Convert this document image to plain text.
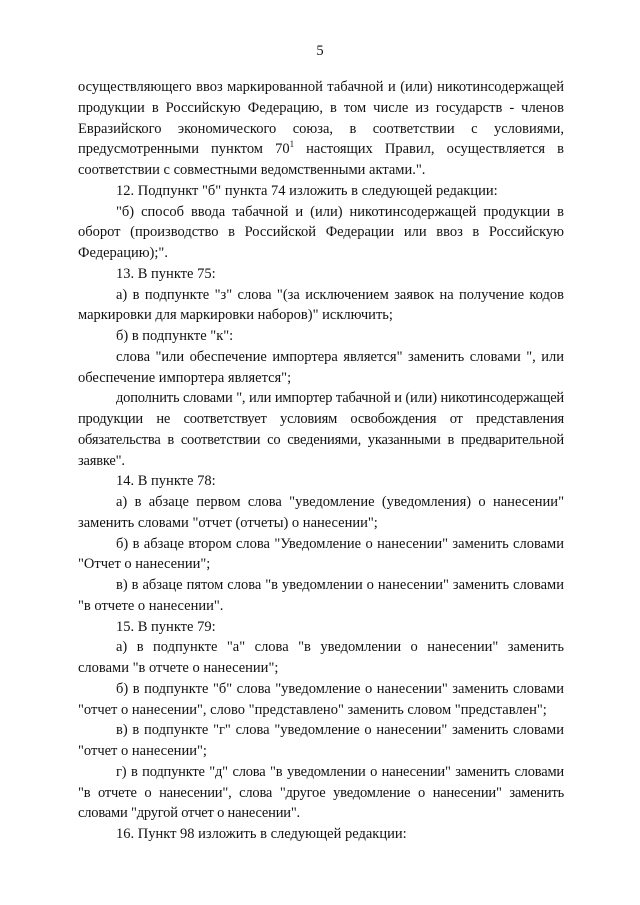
5

осуществляющего ввоз маркированной табачной и (или) никотинсодержащей продукции в Российскую Федерацию, в том числе из государств - членов Евразийского экономического союза, в соответствии с условиями, предусмотренными пунктом $70^1$ настоящих Правил, осуществляется в соответствии с совместными ведомственными актами.".

12. Подпункт "б" пункта 74 изложить в следующей редакции:

"б) способ ввода табачной и (или) никотинсодержащей продукции в оборот (производство в Российской Федерации или ввоз в Российскую Федерацию);".

13. В пункте 75:

а) в подпункте "з" слова "(за исключением заявок на получение кодов маркировки для маркировки наборов)" исключить;

б) в подпункте "к":

слова "или обеспечение импортера является" заменить словами ", или обеспечение импортера является";

дополнить словами ", или импортер табачной и (или) никотинсодержащей продукции не соответствует условиям освобождения от представления обязательства в соответствии со сведениями, указанными в предварительной заявке".

14. В пункте 78:

а) в абзаце первом слова "уведомление (уведомления) о нанесении" заменить словами "отчет (отчеты) о нанесении";

б) в абзаце втором слова "Уведомление о нанесении" заменить словами "Отчет о нанесении";

в) в абзаце пятом слова "в уведомлении о нанесении" заменить словами "в отчете о нанесении".

15. В пункте 79:

а) в подпункте "а" слова "в уведомлении о нанесении" заменить словами "в отчете о нанесении";

б) в подпункте "б" слова "уведомление о нанесении" заменить словами "отчет о нанесении", слово "представлено" заменить словом "представлен";

в) в подпункте "г" слова "уведомление о нанесении" заменить словами "отчет о нанесении";

г) в подпункте "д" слова "в уведомлении о нанесении" заменить словами "в отчете о нанесении", слова "другое уведомление о нанесении" заменить словами "другой отчет о нанесении".

16. Пункт 98 изложить в следующей редакции:
